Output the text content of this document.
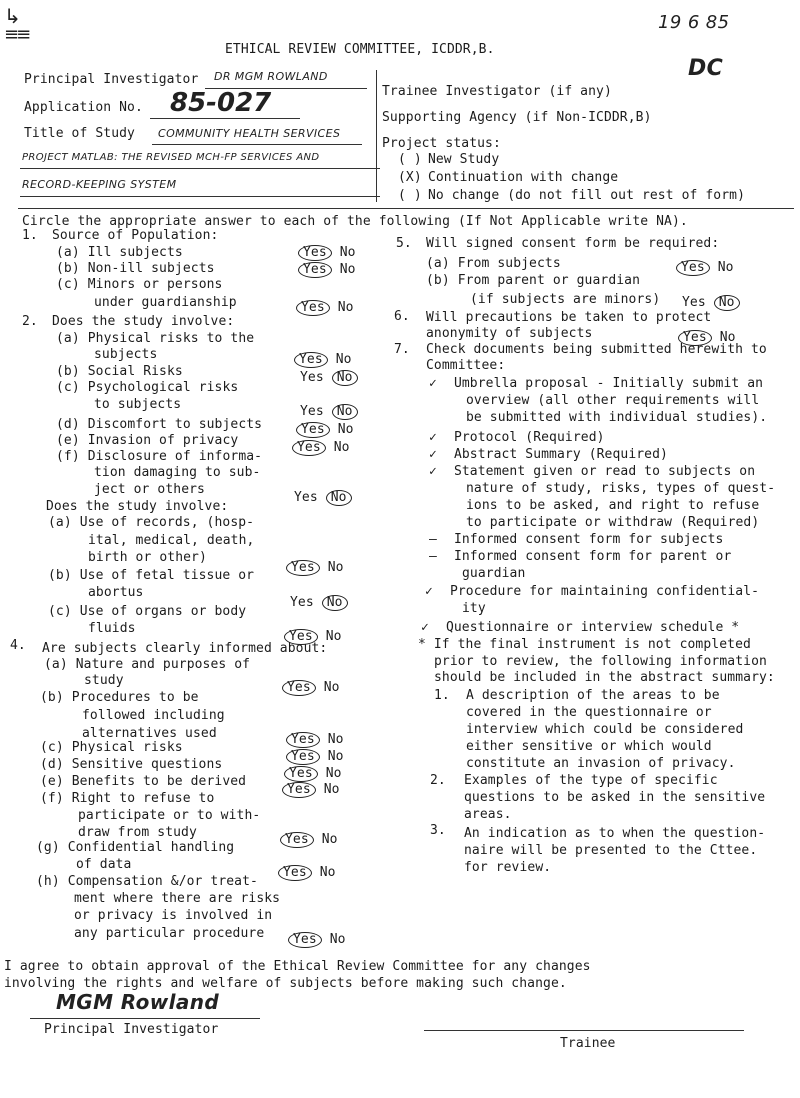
↳
≡≡
ETHICAL REVIEW COMMITTEE, ICDDR,B.
19 6 85
DC
Principal Investigator DR MGM ROWLAND
Application No. 85-027
Title of Study COMMUNITY HEALTH SERVICES
PROJECT MATLAB: THE REVISED MCH-FP SERVICES AND
RECORD-KEEPING SYSTEM
Trainee Investigator (if any)
Supporting Agency (if Non-ICDDR,B)
Project status:
( ) New Study
(X) Continuation with change
( ) No change (do not fill out rest of form)
Circle the appropriate answer to each of the following (If Not Applicable write NA).
1. Source of Population:
(a) Ill subjects	Yes No
(b) Non-ill subjects	Yes No
(c) Minors or persons
under guardianship	Yes No
2. Does the study involve:
(a) Physical risks to the
subjects	Yes No
(b) Social Risks	Yes No
(c) Psychological risks
to subjects	Yes No
(d) Discomfort to subjects	Yes No
(e) Invasion of privacy	Yes No
(f) Disclosure of informa-
tion damaging to sub-
ject or others
Yes No
Does the study involve:
(a) Use of records, (hosp-
ital, medical, death,
birth or other)
Yes No
(b) Use of fetal tissue or
abortus
Yes No
(c) Use of organs or body
fluids
Yes No
4. Are subjects clearly informed about:
(a) Nature and purposes of
study	Yes No
(b) Procedures to be
followed including
alternatives used	Yes No
(c) Physical risks
Yes No
(d) Sensitive questions
Yes No
(e) Benefits to be derived
Yes No
(f) Right to refuse to
participate or to with-
draw from study	Yes No
(g) Confidential handling
of data
Yes No
(h) Compensation &/or treat-
ment where there are risks
or privacy is involved in
any particular procedure	Yes No
5. Will signed consent form be required:
(a) From subjects	Yes No
(b) From parent or guardian
(if subjects are minors) Yes No
6. Will precautions be taken to protect
anonymity of subjects	Yes No
7. Check documents being submitted herewith to
Committee:
✓ Umbrella proposal - Initially submit an
overview (all other requirements will
be submitted with individual studies).
✓ Protocol (Required)
✓ Abstract Summary (Required)
✓ Statement given or read to subjects on
nature of study, risks, types of quest-
ions to be asked, and right to refuse
to participate or withdraw (Required)
— Informed consent form for subjects
— Informed consent form for parent or
guardian
✓ Procedure for maintaining confidential-
ity
✓ Questionnaire or interview schedule *
* If the final instrument is not completed
prior to review, the following information
should be included in the abstract summary:
1. A description of the areas to be
covered in the questionnaire or
interview which could be considered
either sensitive or which would
constitute an invasion of privacy.
2. Examples of the type of specific
questions to be asked in the sensitive
areas.
3. An indication as to when the question-
naire will be presented to the Cttee.
for review.
I agree to obtain approval of the Ethical Review Committee for any changes
involving the rights and welfare of subjects before making such change.
MGM Rowland
Principal Investigator
Trainee
